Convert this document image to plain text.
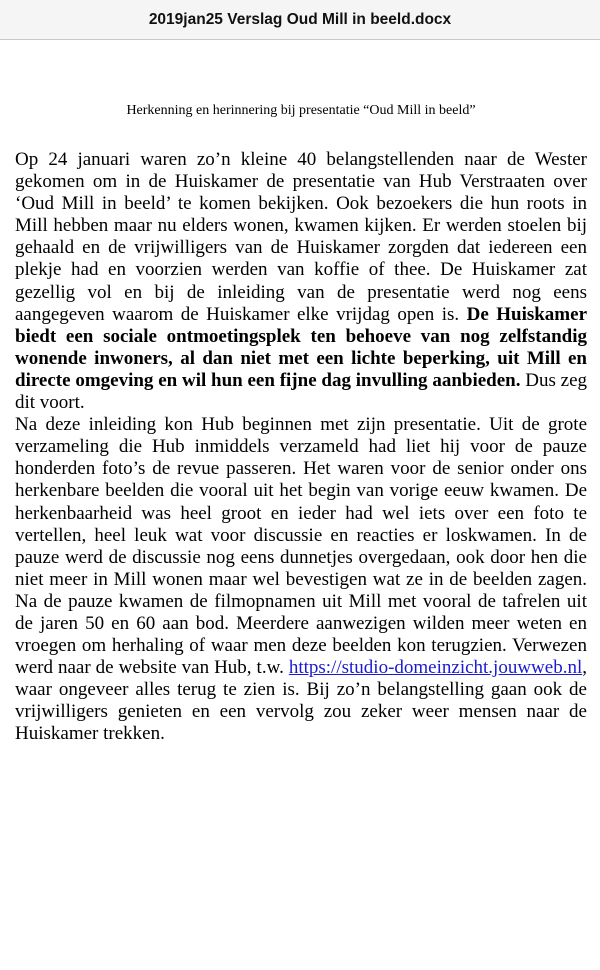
2019jan25 Verslag Oud Mill in beeld.docx
Herkenning en herinnering bij presentatie “Oud Mill in beeld”

Op 24 januari waren zo’n kleine 40 belangstellenden naar de Wester gekomen om in de Huiskamer de presentatie van Hub Verstraaten over ‘Oud Mill in beeld’ te komen bekijken. Ook bezoekers die hun roots in Mill hebben maar nu elders wonen, kwamen kijken. Er werden stoelen bij gehaald en de vrijwilligers van de Huiskamer zorgden dat iedereen een plekje had en voorzien werden van koffie of thee. De Huiskamer zat gezellig vol en bij de inleiding van de presentatie werd nog eens aangegeven waarom de Huiskamer elke vrijdag open is. De Huiskamer biedt een sociale ontmoetingsplek ten behoeve van nog zelfstandig wonende inwoners, al dan niet met een lichte beperking, uit Mill en directe omgeving en wil hun een fijne dag invulling aanbieden. Dus zeg dit voort.

Na deze inleiding kon Hub beginnen met zijn presentatie. Uit de grote verzameling die Hub inmiddels verzameld had liet hij voor de pauze honderden foto’s de revue passeren. Het waren voor de senior onder ons herkenbare beelden die vooral uit het begin van vorige eeuw kwamen. De herkenbaarheid was heel groot en ieder had wel iets over een foto te vertellen, heel leuk wat voor discussie en reacties er loskwamen. In de pauze werd de discussie nog eens dunnetjes overgedaan, ook door hen die niet meer in Mill wonen maar wel bevestigen wat ze in de beelden zagen. Na de pauze kwamen de filmopnamen uit Mill met vooral de tafrelen uit de jaren 50 en 60 aan bod. Meerdere aanwezigen wilden meer weten en vroegen om herhaling of waar men deze beelden kon terugzien. Verwezen werd naar de website van Hub, t.w. https://studio-domeinzicht.jouwweb.nl, waar ongeveer alles terug te zien is. Bij zo’n belangstelling gaan ook de vrijwilligers genieten en een vervolg zou zeker weer mensen naar de Huiskamer trekken.
